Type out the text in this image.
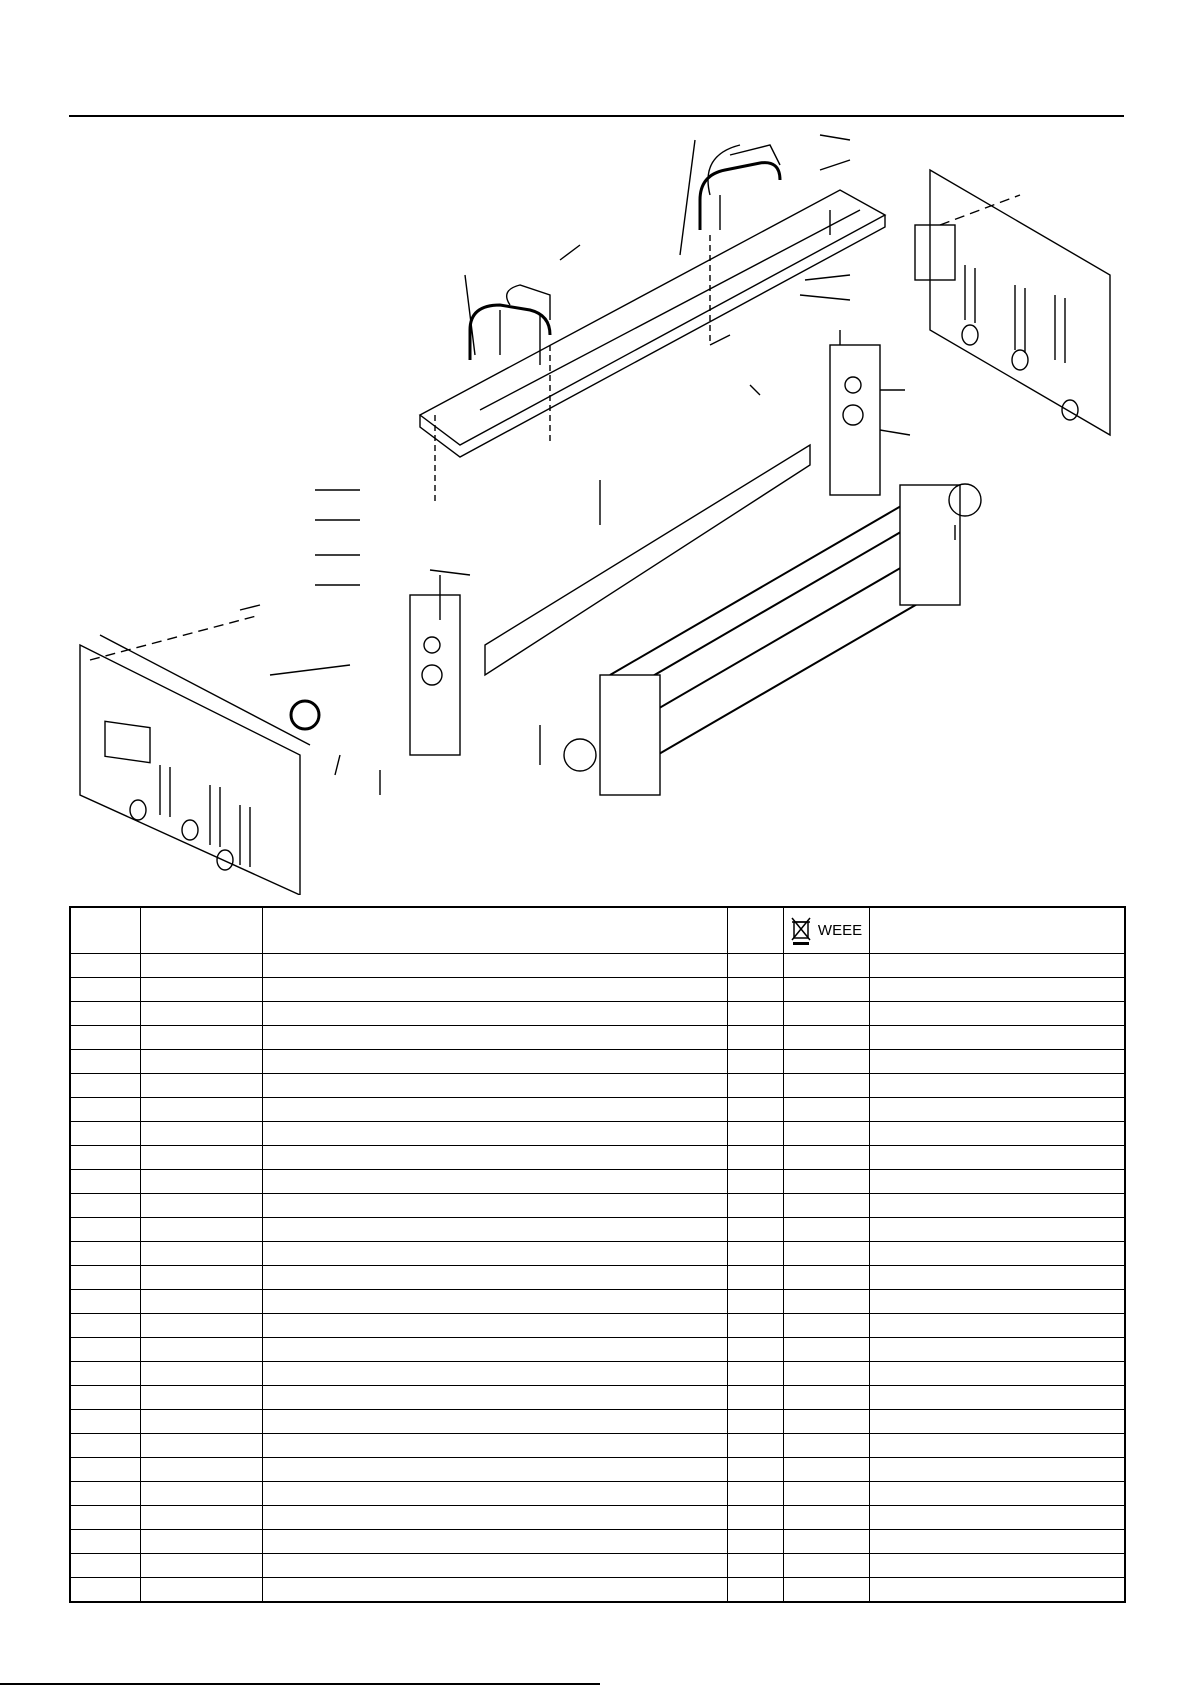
				WEEE	
